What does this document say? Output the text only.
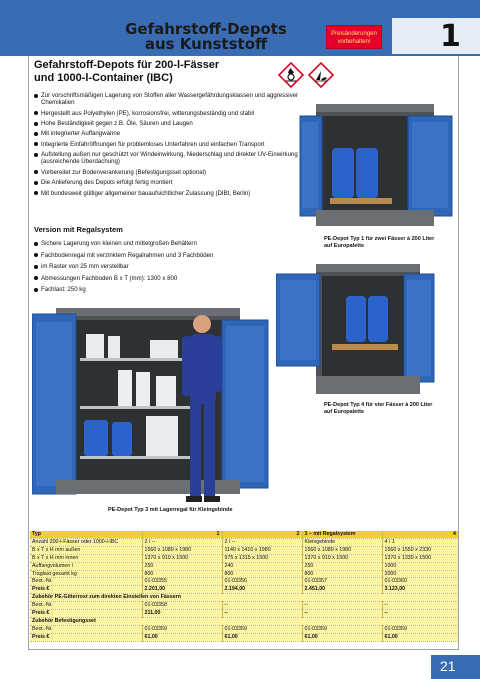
Gefahrstoff-Depots
aus Kunststoff
Preisänderungen vorbehalten!	1
Gefahrstoff-Depots für 200-l-Fässer
und 1000-l-Container (IBC)
Zur vorschriftsmäßigen Lagerung von Stoffen aller Wassergefährdungsklassen und aggressiver Chemikalien
Hergestellt aus Polyethylen (PE), korrosionsfrei, witterungsbeständig und stabil
Hohe Beständigkeit gegen z.B. Öle, Säuren und Laugen
Mit integrierter Auffangwanne
Integrierte Einfahröffnungen für problemloses Unterfahren und einfachen Transport
Aufstellung außen nur geschützt vor Windeinwirkung, Niederschlag und direkter UV-Einwirkung (ausreichende Überdachung)
Vorbereitet zur Bodenverankerung (Befestigungsset optional)
Die Anlieferung des Depots erfolgt fertig montiert
Mit bundesweit gültiger allgemeiner bauaufsichtlicher Zulassung (DIBt, Berlin)
Version mit Regalsystem
Sichere Lagerung von kleinen und mittelgroßen Behältern
Fachbodenregal mit verzinktem Regalrahmen und 3 Fachböden
im Raster von 25 mm verstellbar
Abmessungen Fachboden B x T (mm): 1300 x 800
Fachlast: 250 kg
PE-Depot Typ 1 für zwei Fässer à 200 Liter
auf Europalette
PE-Depot Typ 4 für vier Fässer à 200 Liter
auf Europalette
PE-Depot Typ 3 mit Lagerregal für Kleingebinde
Typ	1	2	3 – mit Regalsystem	4
Anzahl 200-l-Fässer oder 1000-l-IBC	2 / –	2 / –	Kleingebinde	4 / 1
B x T x H mm außen	1560 x 1080 x 1980	1140 x 1410 x 1980	1560 x 1080 x 1980	1560 x 1550 x 2330
B x T x H mm innen	1370 x 910 x 1500	975 x 1315 x 1500	1370 x 910 x 1500	1370 x 1330 x 1500
Auffangvolumen l	250	240	250	1000
Traglast gesamt kg	800	800	800	2000
Best.-Nr.	01-03355	01-03356	01-03357	01-03360
Preis €	2.201,00	2.194,00	2.451,00	3.123,00
Zubehör PE-Gitterrost zum direkten Einstellen von Fässern				
Best.-Nr.	01-03358	–	–	–
Preis €	211,00	–	–	–
Zubehör Befestigungsset				
Best.-Nr.	01-03359	01-03359	01-03359	01-03359
Preis €	61,00	61,00	61,00	61,00
21
